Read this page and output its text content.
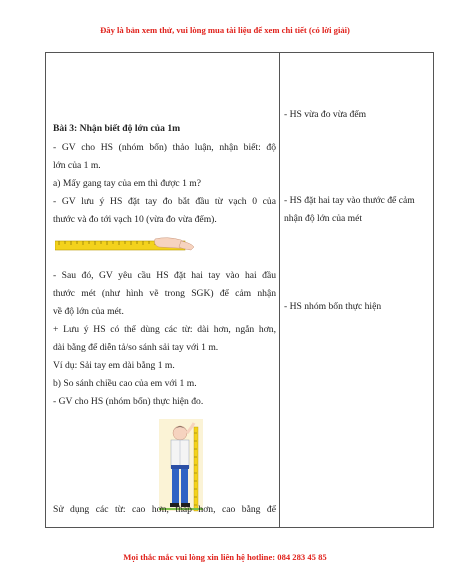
Đây là bản xem thử, vui lòng mua tài liệu để xem chi tiết (có lời giải)
Bài 3: Nhận biết độ lớn của 1m
- GV cho HS (nhóm bốn) thảo luận, nhận biết: độ
lớn của 1 m.
a) Mấy gang tay của em thì được 1 m?
- GV lưu ý HS đặt tay đo bắt đầu từ vạch 0 của
thước và đo tới vạch 10 (vừa đo vừa đếm).
- Sau đó, GV yêu cầu HS đặt hai tay vào hai đầu
thước mét (như hình vẽ trong SGK) để cảm nhận
về độ lớn của mét.
+ Lưu ý HS có thể dùng các từ: dài hơn, ngắn hơn,
dài bằng để diễn tả/so sánh sải tay với 1 m.
Ví dụ: Sải tay em dài bằng 1 m.
b) So sánh chiều cao của em với 1 m.
- GV cho HS (nhóm bốn) thực hiện đo.
Sử dụng các từ: cao hơn, thấp hơn, cao bằng để
- HS vừa đo vừa đếm
- HS đặt hai tay vào thước để cảm
nhận độ lớn của mét
- HS nhóm bốn thực hiện
Mọi thắc mắc vui lòng xin liên hệ hotline: 084 283 45 85
